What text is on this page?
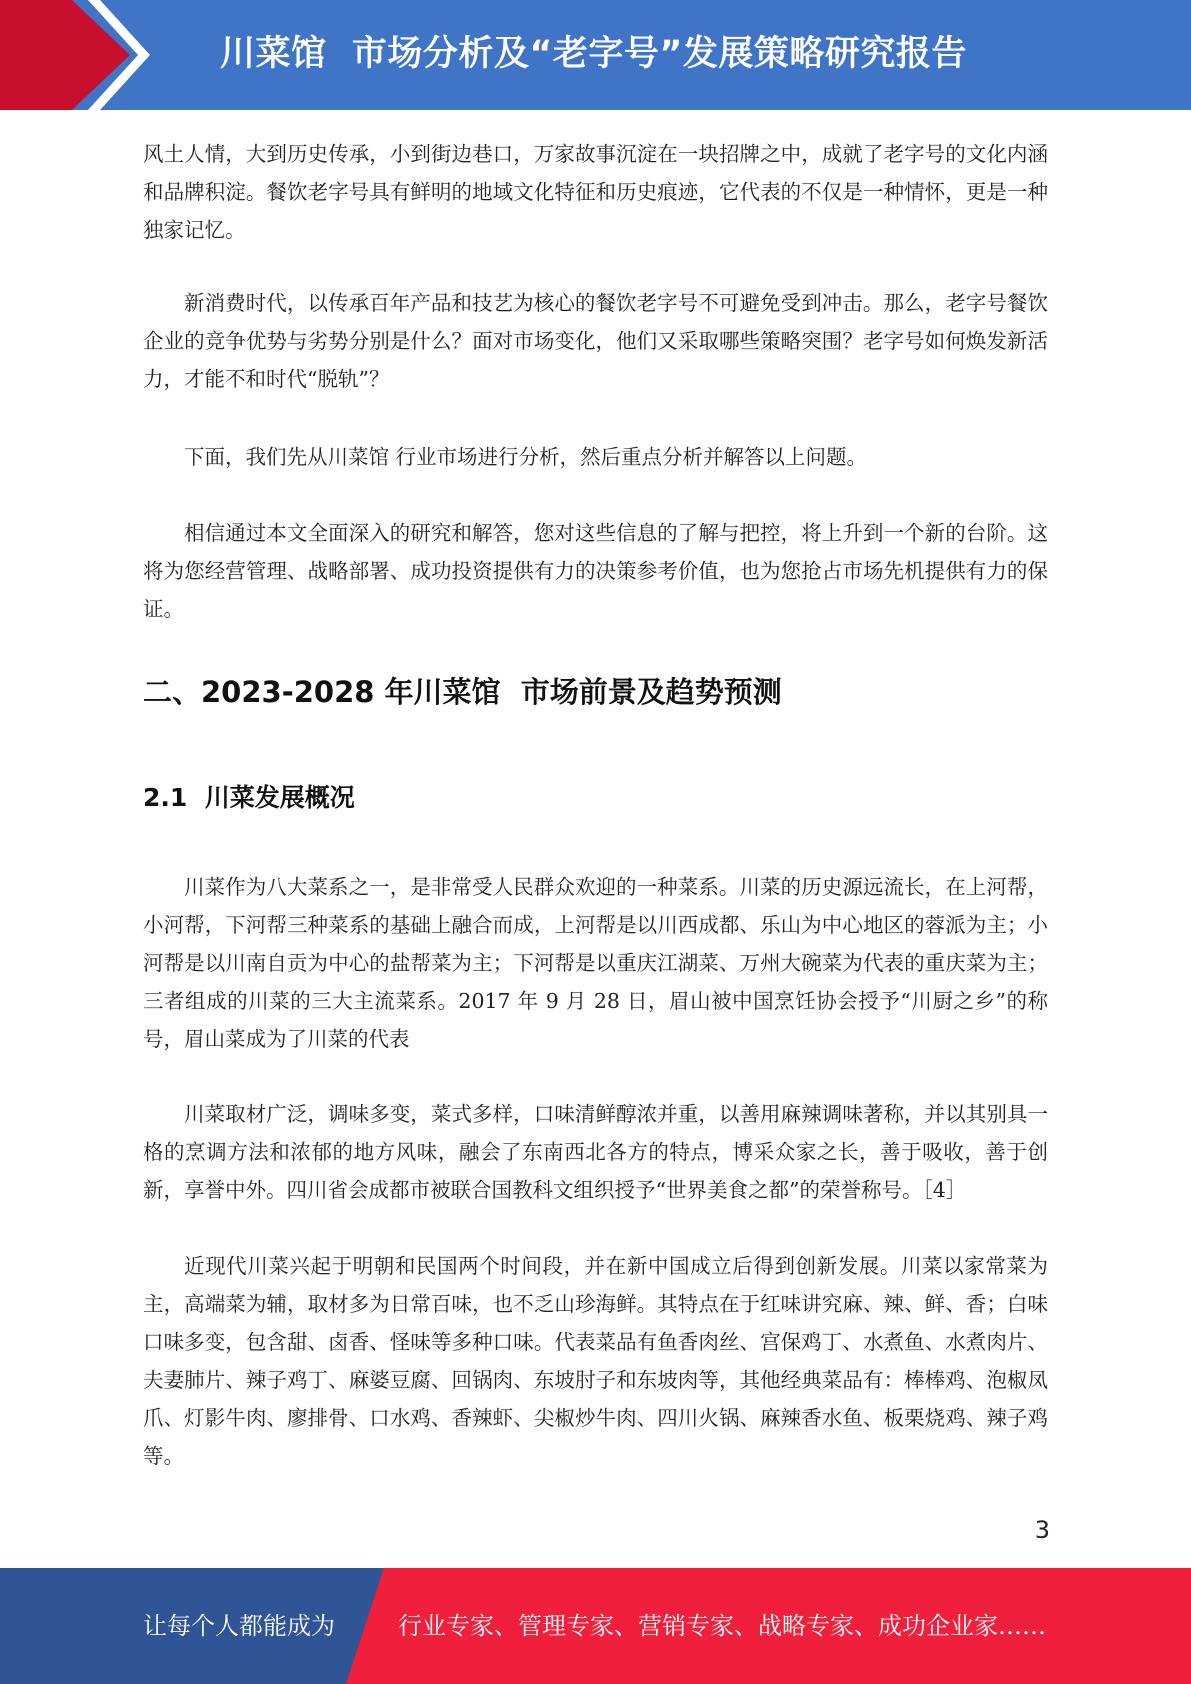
川菜馆  市场分析及“老字号”发展策略研究报告

风土人情，大到历史传承，小到街边巷口，万家故事沉淀在一块招牌之中，成就了老字号的文化内涵和品牌积淀。餐饮老字号具有鲜明的地域文化特征和历史痕迹，它代表的不仅是一种情怀，更是一种独家记忆。

新消费时代，以传承百年产品和技艺为核心的餐饮老字号不可避免受到冲击。那么，老字号餐饮企业的竞争优势与劣势分别是什么？面对市场变化，他们又采取哪些策略突围？老字号如何焕发新活力，才能不和时代“脱轨”？

下面，我们先从川菜馆 行业市场进行分析，然后重点分析并解答以上问题。

相信通过本文全面深入的研究和解答，您对这些信息的了解与把控，将上升到一个新的台阶。这将为您经营管理、战略部署、成功投资提供有力的决策参考价值，也为您抢占市场先机提供有力的保证。

二、2023-2028 年川菜馆  市场前景及趋势预测
2.1  川菜发展概况

川菜作为八大菜系之一，是非常受人民群众欢迎的一种菜系。川菜的历史源远流长，在上河帮，小河帮，下河帮三种菜系的基础上融合而成，上河帮是以川西成都、乐山为中心地区的蓉派为主；小河帮是以川南自贡为中心的盐帮菜为主；下河帮是以重庆江湖菜、万州大碗菜为代表的重庆菜为主；三者组成的川菜的三大主流菜系。2017 年 9 月 28 日，眉山被中国烹饪协会授予“川厨之乡”的称号，眉山菜成为了川菜的代表

川菜取材广泛，调味多变，菜式多样，口味清鲜醇浓并重，以善用麻辣调味著称，并以其别具一格的烹调方法和浓郁的地方风味，融会了东南西北各方的特点，博采众家之长，善于吸收，善于创新，享誉中外。四川省会成都市被联合国教科文组织授予“世界美食之都”的荣誉称号。［4］

近现代川菜兴起于明朝和民国两个时间段，并在新中国成立后得到创新发展。川菜以家常菜为主，高端菜为辅，取材多为日常百味，也不乏山珍海鲜。其特点在于红味讲究麻、辣、鲜、香；白味口味多变，包含甜、卤香、怪味等多种口味。代表菜品有鱼香肉丝、宫保鸡丁、水煮鱼、水煮肉片、夫妻肺片、辣子鸡丁、麻婆豆腐、回锅肉、东坡肘子和东坡肉等，其他经典菜品有：棒棒鸡、泡椒凤爪、灯影牛肉、廖排骨、口水鸡、香辣虾、尖椒炒牛肉、四川火锅、麻辣香水鱼、板栗烧鸡、辣子鸡等。

3
让每个人都能成为	行业专家、管理专家、营销专家、战略专家、成功企业家……
